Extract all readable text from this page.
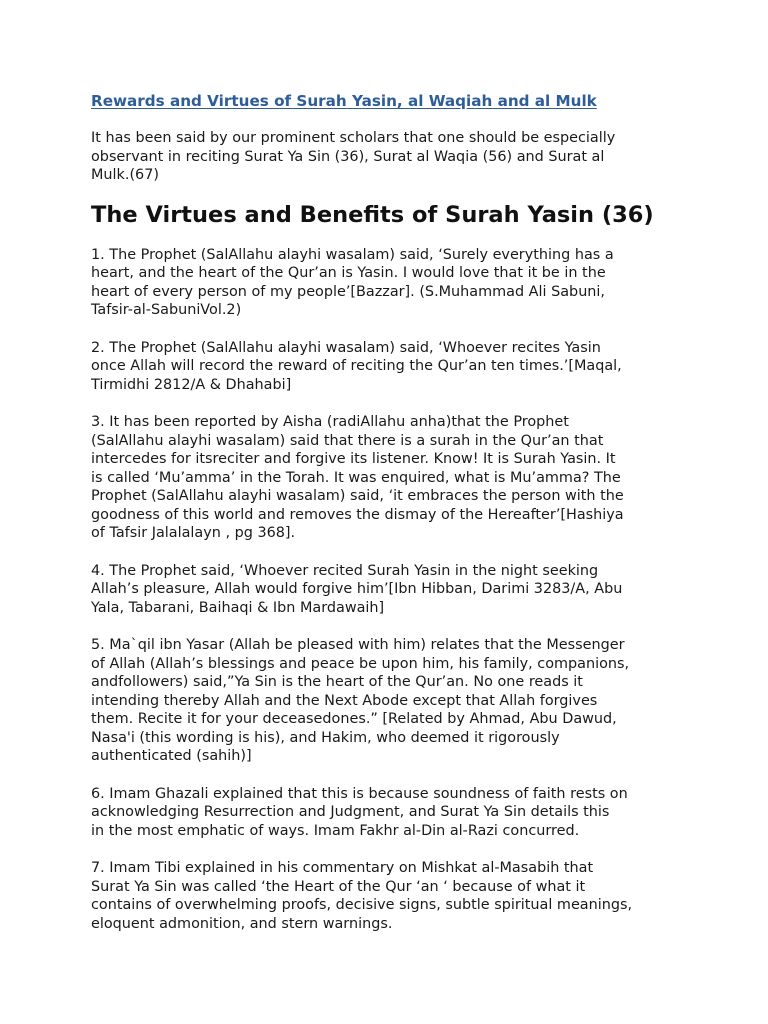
Rewards and Virtues of Surah Yasin, al Waqiah and al Mulk

It has been said by our prominent scholars that one should be especially
observant in reciting Surat Ya Sin (36), Surat al Waqia (56) and Surat al
Mulk.(67)

The Virtues and Benefits of Surah Yasin (36)

1. The Prophet (SalAllahu alayhi wasalam) said, ‘Surely everything has a
heart, and the heart of the Qur’an is Yasin. I would love that it be in the
heart of every person of my people’[Bazzar]. (S.Muhammad Ali Sabuni,
Tafsir-al-SabuniVol.2)

2. The Prophet (SalAllahu alayhi wasalam) said, ‘Whoever recites Yasin
once Allah will record the reward of reciting the Qur’an ten times.’[Maqal,
Tirmidhi 2812/A & Dhahabi]

3. It has been reported by Aisha (radiAllahu anha)that the Prophet
(SalAllahu alayhi wasalam) said that there is a surah in the Qur’an that
intercedes for itsreciter and forgive its listener. Know! It is Surah Yasin. It
is called ‘Mu’amma’ in the Torah. It was enquired, what is Mu’amma? The
Prophet (SalAllahu alayhi wasalam) said, ‘it embraces the person with the
goodness of this world and removes the dismay of the Hereafter’[Hashiya
of Tafsir Jalalalayn , pg 368].

4. The Prophet said, ‘Whoever recited Surah Yasin in the night seeking
Allah’s pleasure, Allah would forgive him’[Ibn Hibban, Darimi 3283/A, Abu
Yala, Tabarani, Baihaqi & Ibn Mardawaih]

5. Ma`qil ibn Yasar (Allah be pleased with him) relates that the Messenger
of Allah (Allah’s blessings and peace be upon him, his family, companions,
andfollowers) said,”Ya Sin is the heart of the Qur’an. No one reads it
intending thereby Allah and the Next Abode except that Allah forgives
them. Recite it for your deceasedones.” [Related by Ahmad, Abu Dawud,
Nasa'i (this wording is his), and Hakim, who deemed it rigorously
authenticated (sahih)]

6. Imam Ghazali explained that this is because soundness of faith rests on
acknowledging Resurrection and Judgment, and Surat Ya Sin details this
in the most emphatic of ways. Imam Fakhr al-Din al-Razi concurred.

7. Imam Tibi explained in his commentary on Mishkat al-Masabih that
Surat Ya Sin was called ‘the Heart of the Qur ‘an ‘ because of what it
contains of overwhelming proofs, decisive signs, subtle spiritual meanings,
eloquent admonition, and stern warnings.
